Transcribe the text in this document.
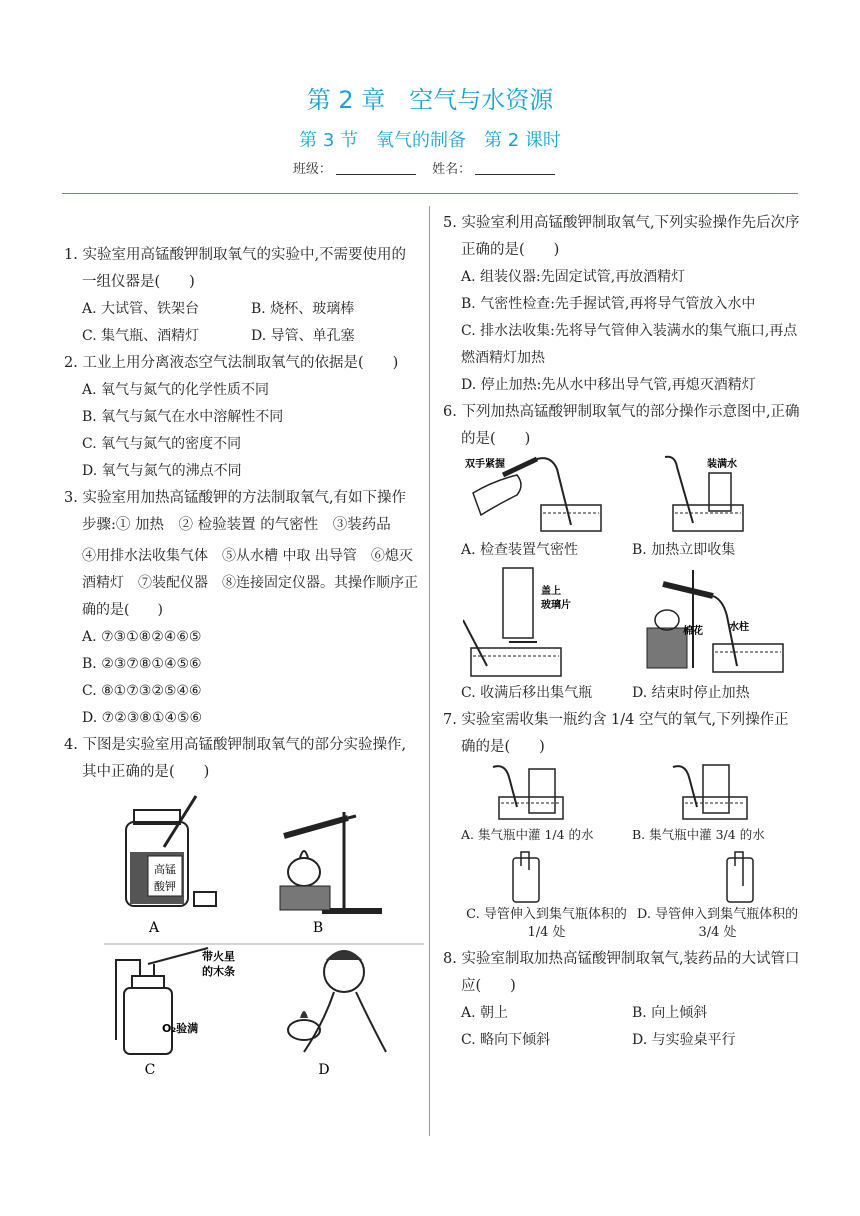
第 2 章　空气与水资源
第 3 节　氧气的制备　第 2 课时
班级：	姓名：
1. 实验室用高锰酸钾制取氧气的实验中,不需要使用的一组仪器是(　　)
A. 大试管、铁架台	B. 烧杯、玻璃棒
C. 集气瓶、酒精灯	D. 导管、单孔塞
2. 工业上用分离液态空气法制取氧气的依据是(　　)
A. 氧气与氮气的化学性质不同
B. 氧气与氮气在水中溶解性不同
C. 氧气与氮气的密度不同
D. 氧气与氮气的沸点不同
3. 实验室用加热高锰酸钾的方法制取氧气,有如下操作步骤:① 加热　② 检验装置 的气密性　③装药品
④用排水法收集气体　⑤从水槽 中取 出导管　⑥熄灭酒精灯　⑦装配仪器　⑧连接固定仪器。其操作顺序正确的是(　　)
A. ⑦③①⑧②④⑥⑤
B. ②③⑦⑧①④⑤⑥
C. ⑧①⑦③②⑤④⑥
D. ⑦②③⑧①④⑤⑥
4. 下图是实验室用高锰酸钾制取氧气的部分实验操作,其中正确的是(　　)
高锰
酸钾
A	B
带火星
的木条
O₂验满
C	D
5. 实验室利用高锰酸钾制取氧气,下列实验操作先后次序正确的是(　　)
A. 组装仪器:先固定试管,再放酒精灯
B. 气密性检查:先手握试管,再将导气管放入水中
C. 排水法收集:先将导气管伸入装满水的集气瓶口,再点燃酒精灯加热
D. 停止加热:先从水中移出导气管,再熄灭酒精灯
6. 下列加热高锰酸钾制取氧气的部分操作示意图中,正确的是(　　)
双手紧握	装满水
A. 检查装置气密性	B. 加热立即收集
盖上
玻璃片
棉花	水柱
C. 收满后移出集气瓶	D. 结束时停止加热
7. 实验室需收集一瓶约含 1/4 空气的氧气,下列操作正确的是(　　)
A. 集气瓶中灌 1/4 的水	B. 集气瓶中灌 3/4 的水
C. 导管伸入到集气瓶体积的 1/4 处
D. 导管伸入到集气瓶体积的 3/4 处
8. 实验室制取加热高锰酸钾制取氧气,装药品的大试管口应(　　)
A. 朝上	B. 向上倾斜
C. 略向下倾斜	D. 与实验桌平行
